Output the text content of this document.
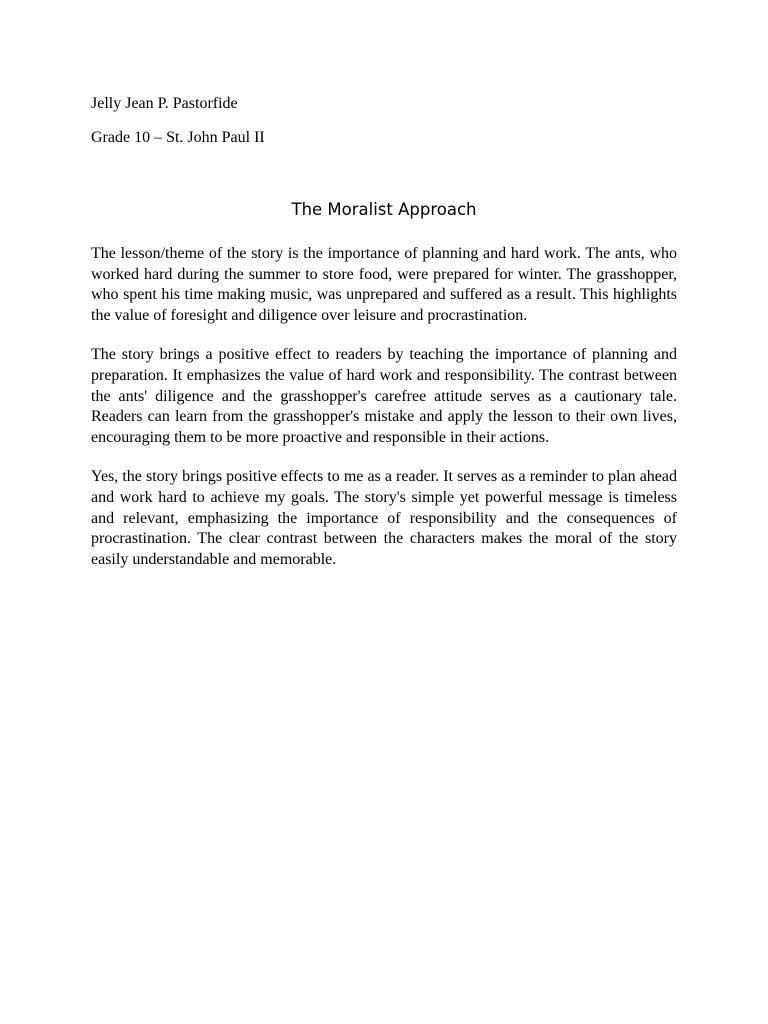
Jelly Jean P. Pastorfide
Grade 10 – St. John Paul II
The Moralist Approach

The lesson/theme of the story is the importance of planning and hard work. The ants, who worked hard during the summer to store food, were prepared for winter. The grasshopper, who spent his time making music, was unprepared and suffered as a result. This highlights the value of foresight and diligence over leisure and procrastination.

The story brings a positive effect to readers by teaching the importance of planning and preparation. It emphasizes the value of hard work and responsibility. The contrast between the ants' diligence and the grasshopper's carefree attitude serves as a cautionary tale. Readers can learn from the grasshopper's mistake and apply the lesson to their own lives, encouraging them to be more proactive and responsible in their actions.

Yes, the story brings positive effects to me as a reader. It serves as a reminder to plan ahead and work hard to achieve my goals. The story's simple yet powerful message is timeless and relevant, emphasizing the importance of responsibility and the consequences of procrastination. The clear contrast between the characters makes the moral of the story easily understandable and memorable.
